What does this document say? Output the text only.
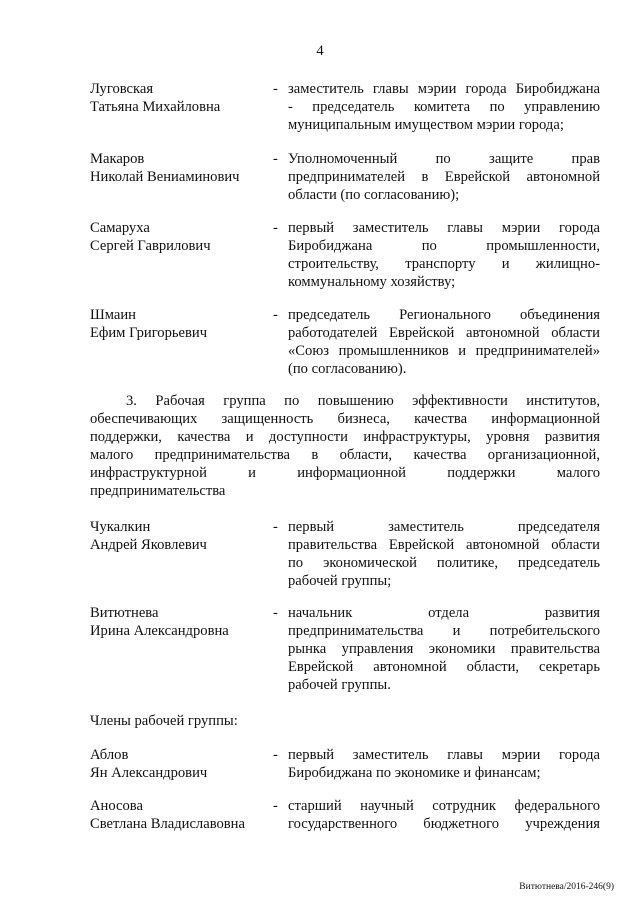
4
Луговская
Татьяна Михайловна
- заместитель главы мэрии города Биробиджана
- председатель комитета по управлению
муниципальным имуществом мэрии города;
Макаров
Николай Вениаминович
- Уполномоченный по защите прав
предпринимателей в Еврейской автономной
области (по согласованию);
Самаруха
Сергей Гаврилович
- первый заместитель главы мэрии города
Биробиджана по промышленности,
строительству, транспорту и жилищно-
коммунальному хозяйству;
Шмаин
Ефим Григорьевич
- председатель Регионального объединения
работодателей Еврейской автономной области
«Союз промышленников и предпринимателей»
(по согласованию).
3. Рабочая группа по повышению эффективности институтов,
обеспечивающих защищенность бизнеса, качества информационной
поддержки, качества и доступности инфраструктуры, уровня развития
малого предпринимательства в области, качества организационной,
инфраструктурной и информационной поддержки малого
предпринимательства
Чукалкин
Андрей Яковлевич
- первый заместитель председателя
правительства Еврейской автономной области
по экономической политике, председатель
рабочей группы;
Витютнева
Ирина Александровна
- начальник отдела развития
предпринимательства и потребительского
рынка управления экономики правительства
Еврейской автономной области, секретарь
рабочей группы.
Члены рабочей группы:
Аблов
Ян Александрович
- первый заместитель главы мэрии города
Биробиджана по экономике и финансам;
Аносова
Светлана Владиславовна
- старший научный сотрудник федерального
государственного бюджетного учреждения
Витютнева/2016-246(9)
